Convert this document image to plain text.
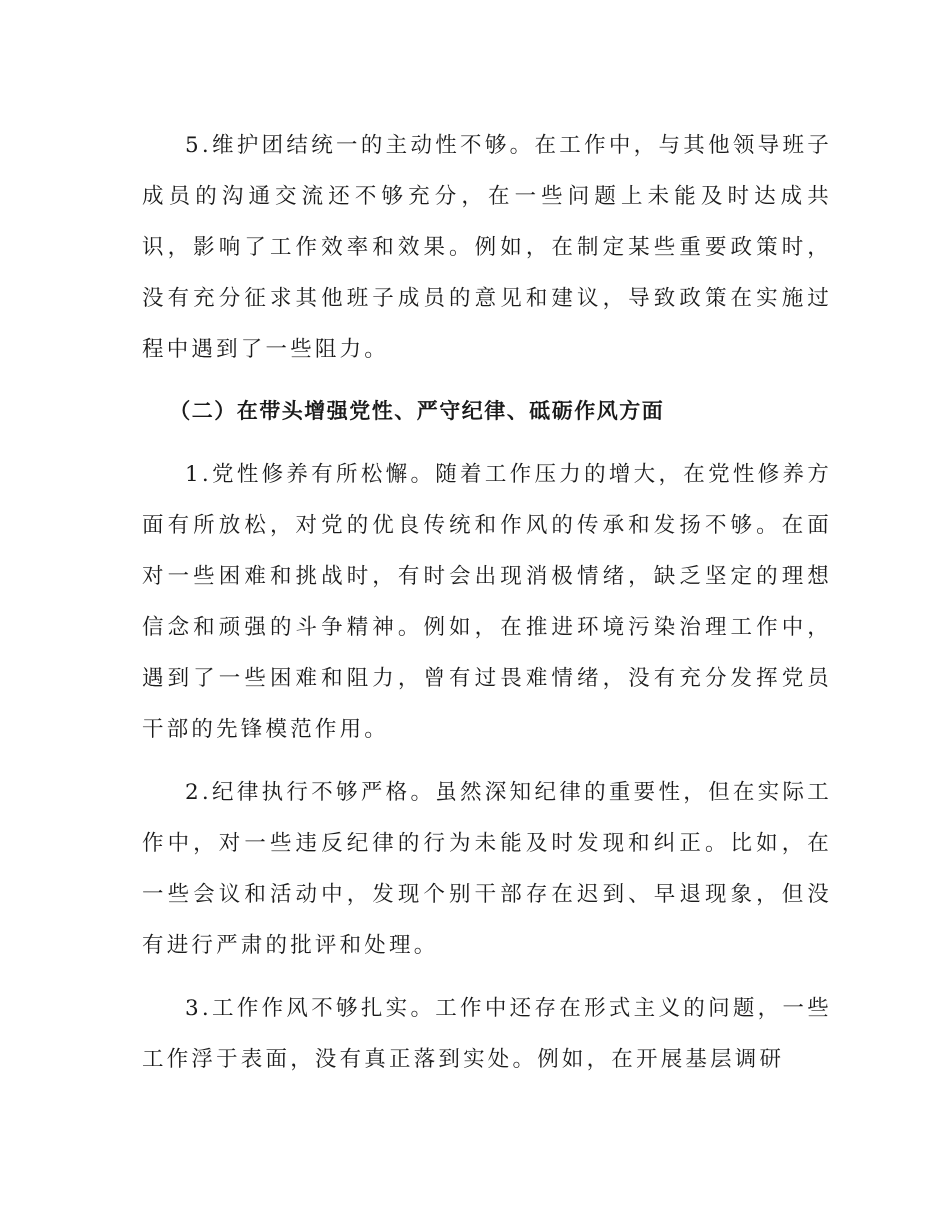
5.维护团结统一的主动性不够。在工作中，与其他领导班子成员的沟通交流还不够充分，在一些问题上未能及时达成共识，影响了工作效率和效果。例如，在制定某些重要政策时，没有充分征求其他班子成员的意见和建议，导致政策在实施过程中遇到了一些阻力。

（二）在带头增强党性、严守纪律、砥砺作风方面

1.党性修养有所松懈。随着工作压力的增大，在党性修养方面有所放松，对党的优良传统和作风的传承和发扬不够。在面对一些困难和挑战时，有时会出现消极情绪，缺乏坚定的理想信念和顽强的斗争精神。例如，在推进环境污染治理工作中，遇到了一些困难和阻力，曾有过畏难情绪，没有充分发挥党员干部的先锋模范作用。

2.纪律执行不够严格。虽然深知纪律的重要性，但在实际工作中，对一些违反纪律的行为未能及时发现和纠正。比如，在一些会议和活动中，发现个别干部存在迟到、早退现象，但没有进行严肃的批评和处理。

3.工作作风不够扎实。工作中还存在形式主义的问题，一些工作浮于表面，没有真正落到实处。例如，在开展基层调研
